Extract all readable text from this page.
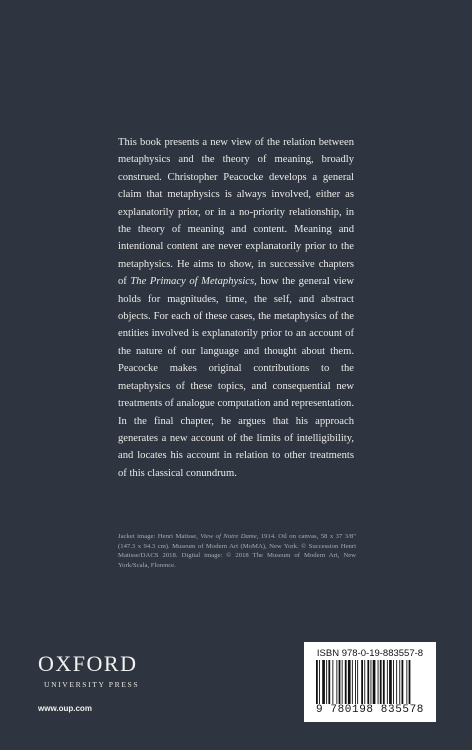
This book presents a new view of the relation between metaphysics and the theory of meaning, broadly construed. Christopher Peacocke develops a general claim that metaphysics is always involved, either as explanatorily prior, or in a no-priority relationship, in the theory of meaning and content. Meaning and intentional content are never explanatorily prior to the metaphysics. He aims to show, in successive chapters of The Primacy of Metaphysics, how the general view holds for magnitudes, time, the self, and abstract objects. For each of these cases, the metaphysics of the entities involved is explanatorily prior to an account of the nature of our language and thought about them. Peacocke makes original contributions to the metaphysics of these topics, and consequential new treatments of analogue computation and representation. In the final chapter, he argues that his approach generates a new account of the limits of intelligibility, and locates his account in relation to other treatments of this classical conundrum.

Jacket image: Henri Matisse, View of Notre Dame, 1914. Oil on canvas, 58 x 37 3/8" (147.3 x 94.3 cm). Museum of Modern Art (MoMA), New York. © Succession Henri Matisse/DACS 2018. Digital image: © 2018 The Museum of Modern Art, New York/Scala, Florence.
OXFORD
UNIVERSITY PRESS
www.oup.com
ISBN 978-0-19-883557-8
9 780198 835578
